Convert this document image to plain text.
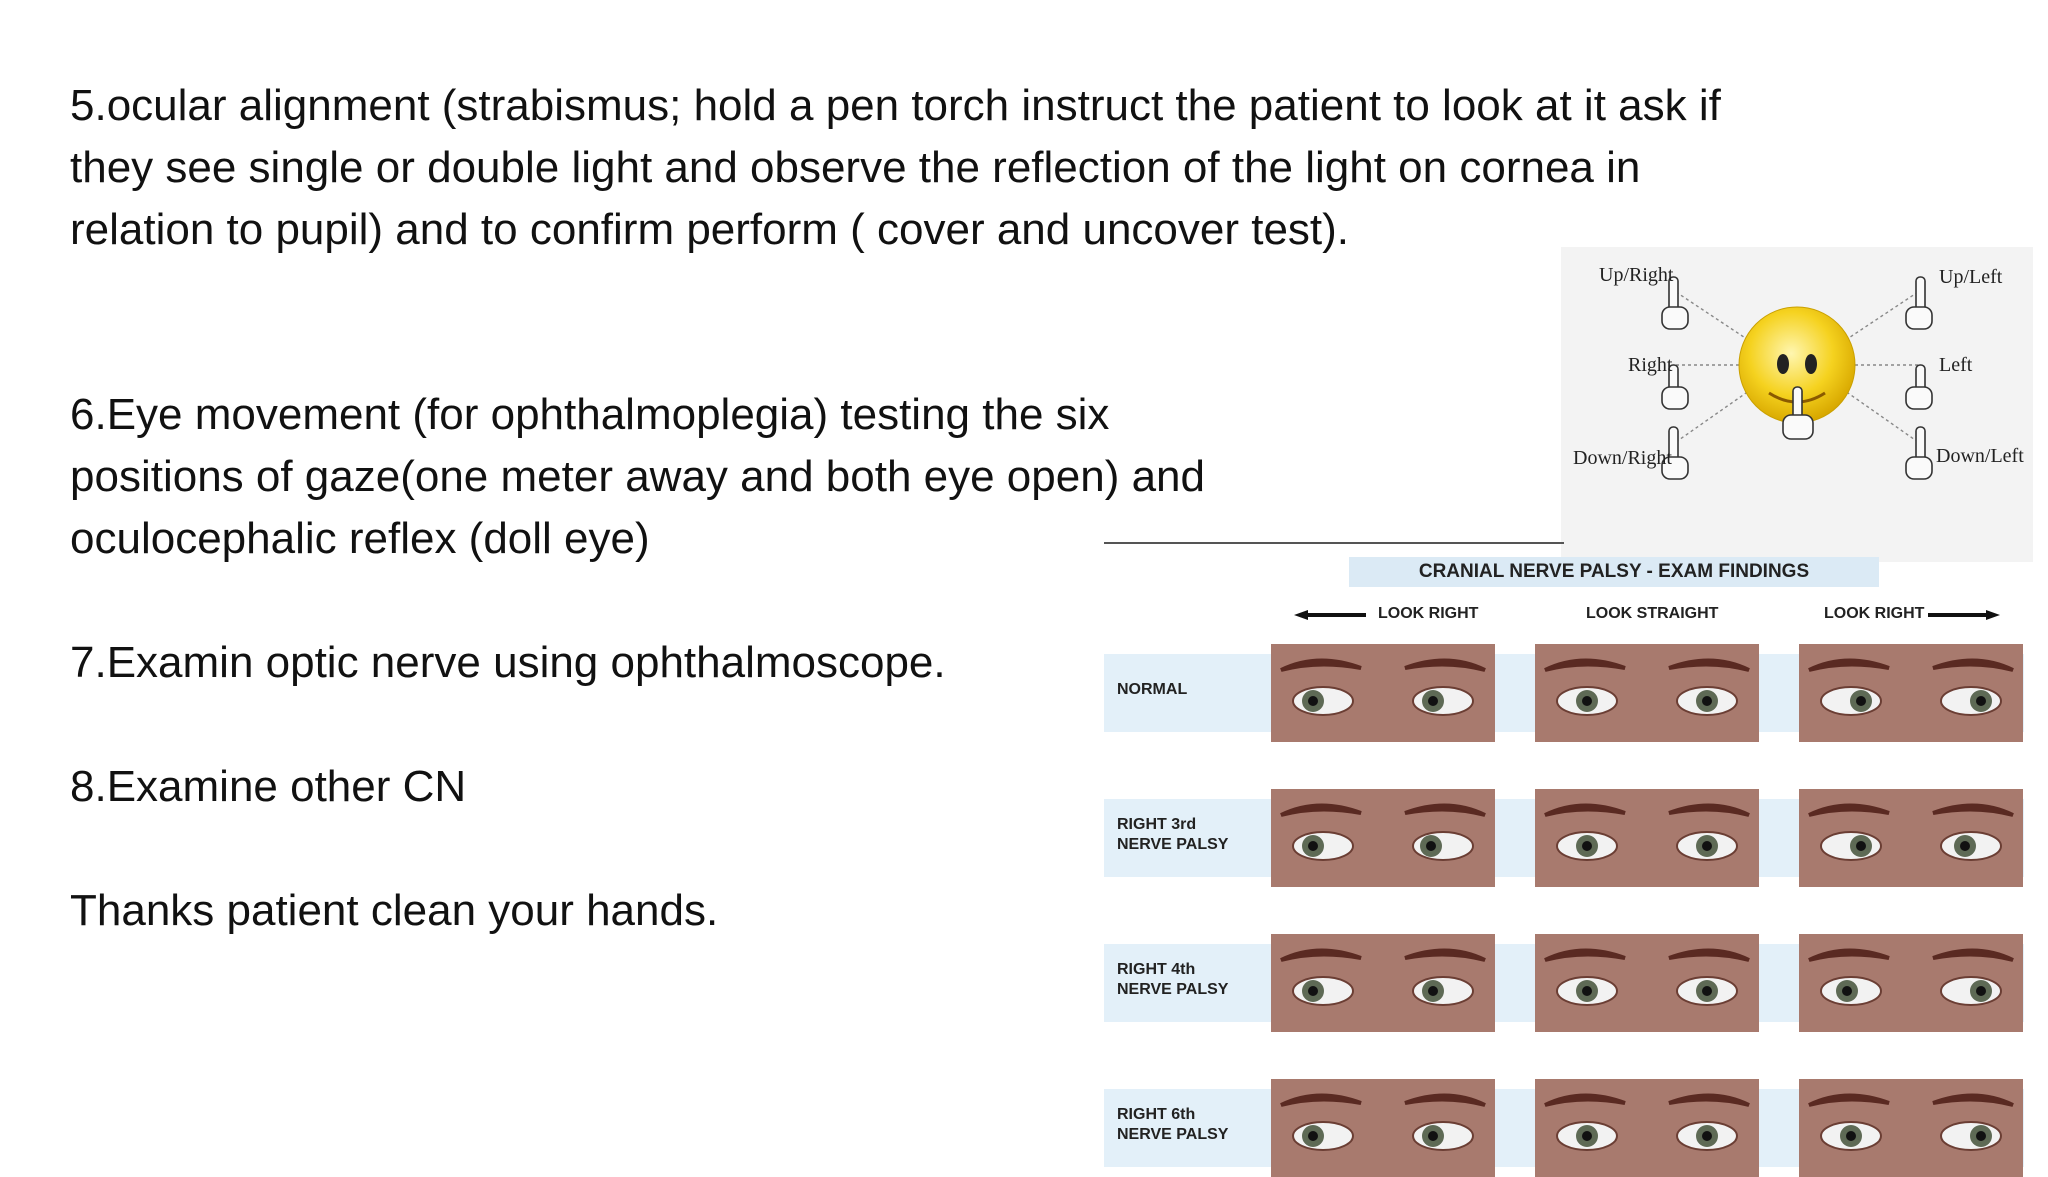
5.ocular alignment (strabismus; hold a pen torch instruct the patient to look at it ask if they see single or double light and observe the reflection of the light on cornea in relation to pupil) and to confirm perform ( cover and uncover test).

6.Eye movement (for ophthalmoplegia) testing the six positions of gaze(one meter away and both eye open) and oculocephalic reflex (doll eye)

7.Examin optic nerve using ophthalmoscope.

8.Examine other CN

Thanks patient clean your hands.

Up/Right	Up/Left
Right	Left
Down/Right	Down/Left
CRANIAL NERVE PALSY - EXAM FINDINGS
LOOK RIGHT	LOOK STRAIGHT	LOOK RIGHT
NORMAL
RIGHT 3rd
NERVE PALSY
RIGHT 4th
NERVE PALSY
RIGHT 6th
NERVE PALSY
